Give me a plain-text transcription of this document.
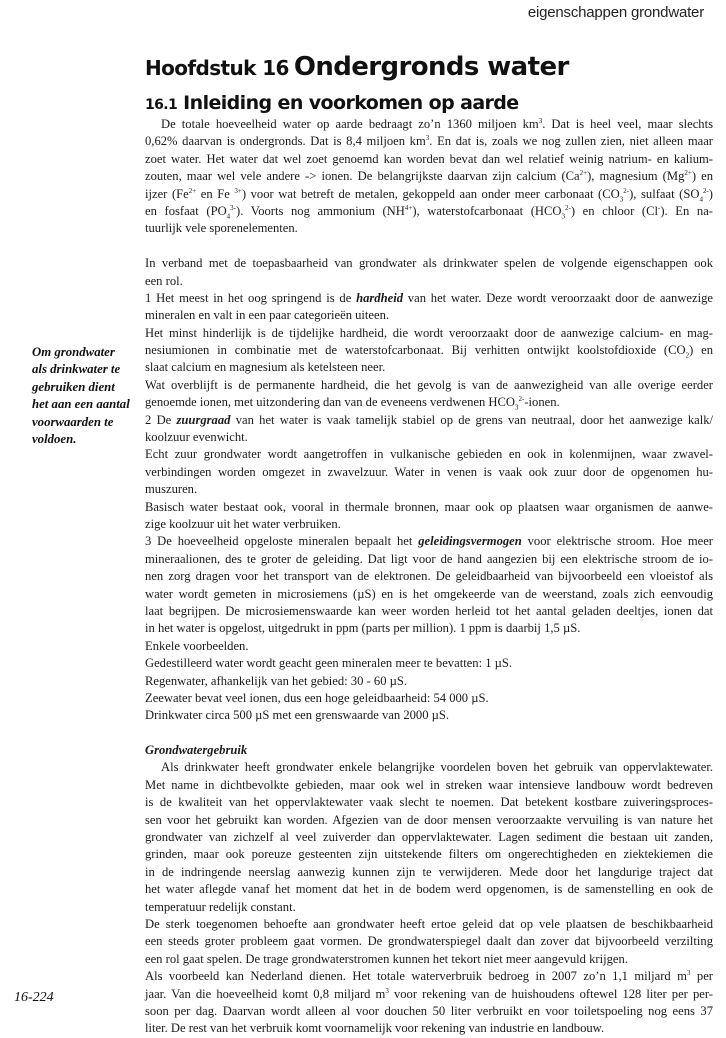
eigenschappen grondwater
Hoofdstuk 16 Ondergronds water
16.1 Inleiding en voorkomen op aarde
Om grondwater
als drinkwater te
gebruiken dient
het aan een aantal
voorwaarden te
voldoen.
De totale hoeveelheid water op aarde bedraagt zo’n 1360 miljoen $km^3$. Dat is heel veel, maar slechts
0,62% daarvan is ondergronds. Dat is 8,4 miljoen $km^3$. En dat is, zoals we nog zullen zien, niet alleen maar
zoet water. Het water dat wel zoet genoemd kan worden bevat dan wel relatief weinig natrium- en kalium-
zouten, maar wel vele andere -> ionen. De belangrijkste daarvan zijn calcium $(Ca^{2+})$, magnesium $(Mg^{2+})$ en
ijzer ($Fe^{2+}$ en Fe $^{3+}$) voor wat betreft de metalen, gekoppeld aan onder meer carbonaat $(CO_3^{2-})$, sulfaat $(SO_4^{2-})$
en fosfaat $(PO_4^{3-})$. Voorts nog ammonium $(NH^{4+})$, waterstofcarbonaat $(HCO_3^{2-})$ en chloor (Cl-). En na-
tuurlijk vele sporenelementen.
In verband met de toepasbaarheid van grondwater als drinkwater spelen de volgende eigenschappen ook
een rol.
1 Het meest in het oog springend is de hardheid van het water. Deze wordt veroorzaakt door de aanwezige
mineralen en valt in een paar categorieën uiteen.
Het minst hinderlijk is de tijdelijke hardheid, die wordt veroorzaakt door de aanwezige calcium- en mag-
nesiumionen in combinatie met de waterstofcarbonaat. Bij verhitten ontwijkt koolstofdioxide $(CO_2)$ en
slaat calcium en magnesium als ketelsteen neer.
Wat overblijft is de permanente hardheid, die het gevolg is van de aanwezigheid van alle overige eerder
genoemde ionen, met uitzondering dan van de eveneens verdwenen $HCO_3^{2-}$-ionen.
2 De zuurgraad van het water is vaak tamelijk stabiel op de grens van neutraal, door het aanwezige kalk/
koolzuur evenwicht.
Echt zuur grondwater wordt aangetroffen in vulkanische gebieden en ook in kolenmijnen, waar zwavel-
verbindingen worden omgezet in zwavelzuur. Water in venen is vaak ook zuur door de opgenomen hu-
muszuren.
Basisch water bestaat ook, vooral in thermale bronnen, maar ook op plaatsen waar organismen de aanwe-
zige koolzuur uit het water verbruiken.
3 De hoeveelheid opgeloste mineralen bepaalt het geleidingsvermogen voor elektrische stroom. Hoe meer
mineraalionen, des te groter de geleiding. Dat ligt voor de hand aangezien bij een elektrische stroom de io-
nen zorg dragen voor het transport van de elektronen. De geleidbaarheid van bijvoorbeeld een vloeistof als
water wordt gemeten in microsiemens (µS) en is het omgekeerde van de weerstand, zoals zich eenvoudig
laat begrijpen. De microsiemenswaarde kan weer worden herleid tot het aantal geladen deeltjes, ionen dat
in het water is opgelost, uitgedrukt in ppm (parts per million). 1 ppm is daarbij 1,5 µS.
Enkele voorbeelden.
Gedestilleerd water wordt geacht geen mineralen meer te bevatten: 1 µS.
Regenwater, afhankelijk van het gebied: 30 - 60 µS.
Zeewater bevat veel ionen, dus een hoge geleidbaarheid: 54 000 µS.
Drinkwater circa 500 µS met een grenswaarde van 2000 µS.
Grondwatergebruik
Als drinkwater heeft grondwater enkele belangrijke voordelen boven het gebruik van oppervlaktewater.
Met name in dichtbevolkte gebieden, maar ook wel in streken waar intensieve landbouw wordt bedreven
is de kwaliteit van het oppervlaktewater vaak slecht te noemen. Dat betekent kostbare zuiveringsproces-
sen voor het gebruikt kan worden. Afgezien van de door mensen veroorzaakte vervuiling is van nature het
grondwater van zichzelf al veel zuiverder dan oppervlaktewater. Lagen sediment die bestaan uit zanden,
grinden, maar ook poreuze gesteenten zijn uitstekende filters om ongerechtigheden en ziektekiemen die
in de indringende neerslag aanwezig kunnen zijn te verwijderen. Mede door het langdurige traject dat
het water aflegde vanaf het moment dat het in de bodem werd opgenomen, is de samenstelling en ook de
temperatuur redelijk constant.
De sterk toegenomen behoefte aan grondwater heeft ertoe geleid dat op vele plaatsen de beschikbaarheid
een steeds groter probleem gaat vormen. De grondwaterspiegel daalt dan zover dat bijvoorbeeld verzilting
een rol gaat spelen. De trage grondwaterstromen kunnen het tekort niet meer aangevuld krijgen.
Als voorbeeld kan Nederland dienen. Het totale waterverbruik bedroeg in 2007 zo’n 1,1 miljard $m^3$ per
jaar. Van die hoeveelheid komt 0,8 miljard $m^3$ voor rekening van de huishoudens oftewel 128 liter per per-
soon per dag. Daarvan wordt alleen al voor douchen 50 liter verbruikt en voor toiletspoeling nog eens 37
liter. De rest van het verbruik komt voornamelijk voor rekening van industrie en landbouw.
16-224
